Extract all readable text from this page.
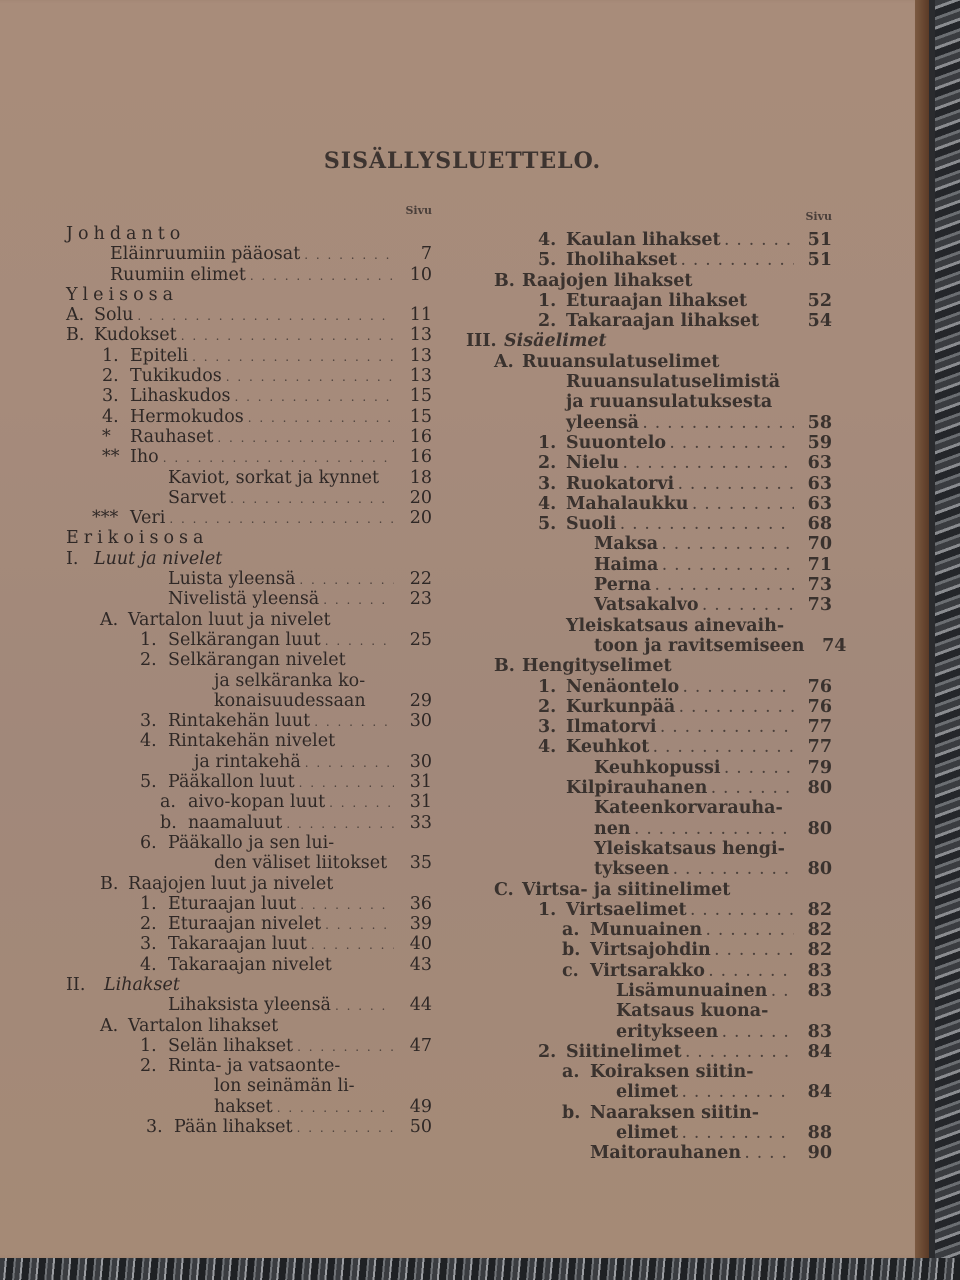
SISÄLLYSLUETTELO.
Sivu
Johdanto
Eläinruumiin pääosat . . .	7
Ruumiin elimet . . .	10
Yleisosa
A. Solu . . .	11
B. Kudokset . . .	13
1. Epiteli . . .	13
2. Tukikudos . . .	13
3. Lihaskudos . . .	15
4. Hermokudos . . .	15
*	Rauhaset . . .	16
** Iho . . .	16
Kaviot, sorkat ja kynnet	18
Sarvet . . .	20
*** Veri . . .	20
Erikoisosa
I. Luut ja nivelet
Luista yleensä . . .	22
Nivelistä yleensä . . .	23
A. Vartalon luut ja nivelet
1. Selkärangan luut . . .	25
2. Selkärangan nivelet
ja selkäranka ko-
konaisuudessaan	29
3. Rintakehän luut . . .	30
4. Rintakehän nivelet
ja rintakehä . . .	30
5. Pääkallon luut . . .	31
a. aivo-kopan luut . . .	31
b. naamaluut . . .	33
6. Pääkallo ja sen lui-
den väliset liitokset	35
B. Raajojen luut ja nivelet
1. Eturaajan luut . . .	36
2. Eturaajan nivelet . . .	39
3. Takaraajan luut . . .	40
4. Takaraajan nivelet	43
II.	Lihakset
Lihaksista yleensä . . .	44
A. Vartalon lihakset
1. Selän lihakset . . .	47
2. Rinta- ja vatsaonte-
lon seinämän li-
hakset . . .	49
3. Pään lihakset . . .	50
Sivu
4. Kaulan lihakset . . .	51
5. Iholihakset . . .	51
B. Raajojen lihakset
1. Eturaajan lihakset	52
2. Takaraajan lihakset	54
III. Sisäelimet
A. Ruuansulatuselimet
Ruuansulatuselimistä
ja ruuansulatuksesta
yleensä . . .	58
1. Suuontelo . . .	59
2. Nielu . . .	63
3. Ruokatorvi . . .	63
4. Mahalaukku . . .	63
5. Suoli . . .	68
Maksa . . .	70
Haima . . .	71
Perna . . .	73
Vatsakalvo . . .	73
Yleiskatsaus ainevaih-
toon ja ravitsemiseen	74
B. Hengityselimet
1. Nenäontelo . . .	76
2. Kurkunpää . . .	76
3. Ilmatorvi . . .	77
4. Keuhkot . . .	77
Keuhkopussi . . .	79
Kilpirauhanen . . .	80
Kateenkorvarauha-
nen . . .	80
Yleiskatsaus hengi-
tykseen . . .	80
C. Virtsa- ja siitinelimet
1. Virtsaelimet . . .	82
a. Munuainen . . .	82
b. Virtsajohdin . . .	82
c. Virtsarakko . . .	83
Lisämunuainen . . .	83
Katsaus kuona-
eritykseen . . .	83
2. Siitinelimet . . .	84
a. Koiraksen siitin-
elimet . . .	84
b. Naaraksen siitin-
elimet . . .	88
Maitorauhanen . . .	90
